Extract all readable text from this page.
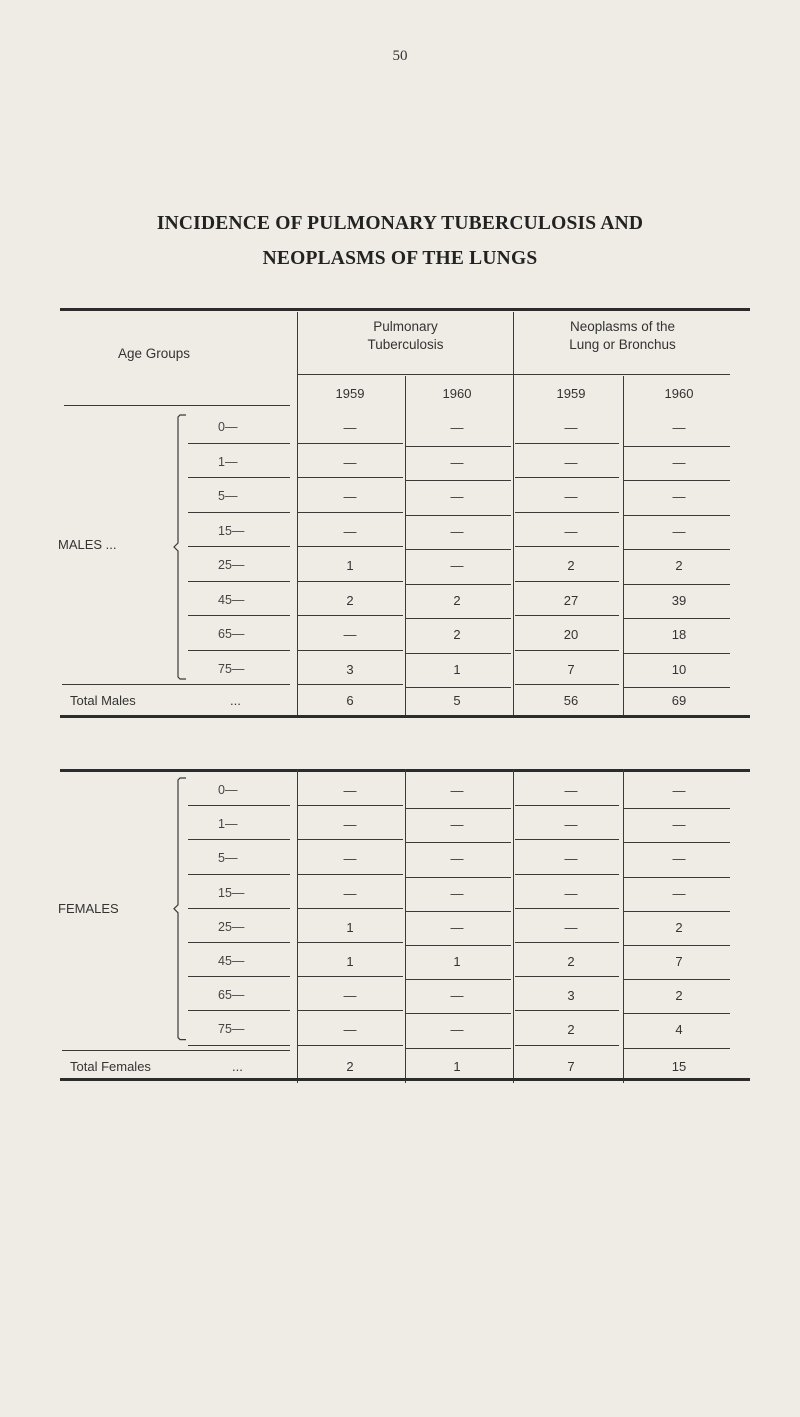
50
INCIDENCE OF PULMONARY TUBERCULOSIS AND
NEOPLASMS OF THE LUNGS
Age Groups
Pulmonary
Tuberculosis
Neoplasms of the
Lung or Bronchus
1959	1960	1959	1960
0—	—	—	—	—
1—	—	—	—	—
5—	—	—	—	—
15—	—	—	—	—
25—	1	—	2	2
45—	2	2	27	39
65—	—	2	20	18
75—	3	1	7	10
MALES ...
Total Males	...	6	5	56	69
0—	—	—	—	—
1—	—	—	—	—
5—	—	—	—	—
15—	—	—	—	—
25—	1	—	—	2
45—	1	1	2	7
65—	—	—	3	2
75—	—	—	2	4
FEMALES
Total Females	...	2	1	7	15
